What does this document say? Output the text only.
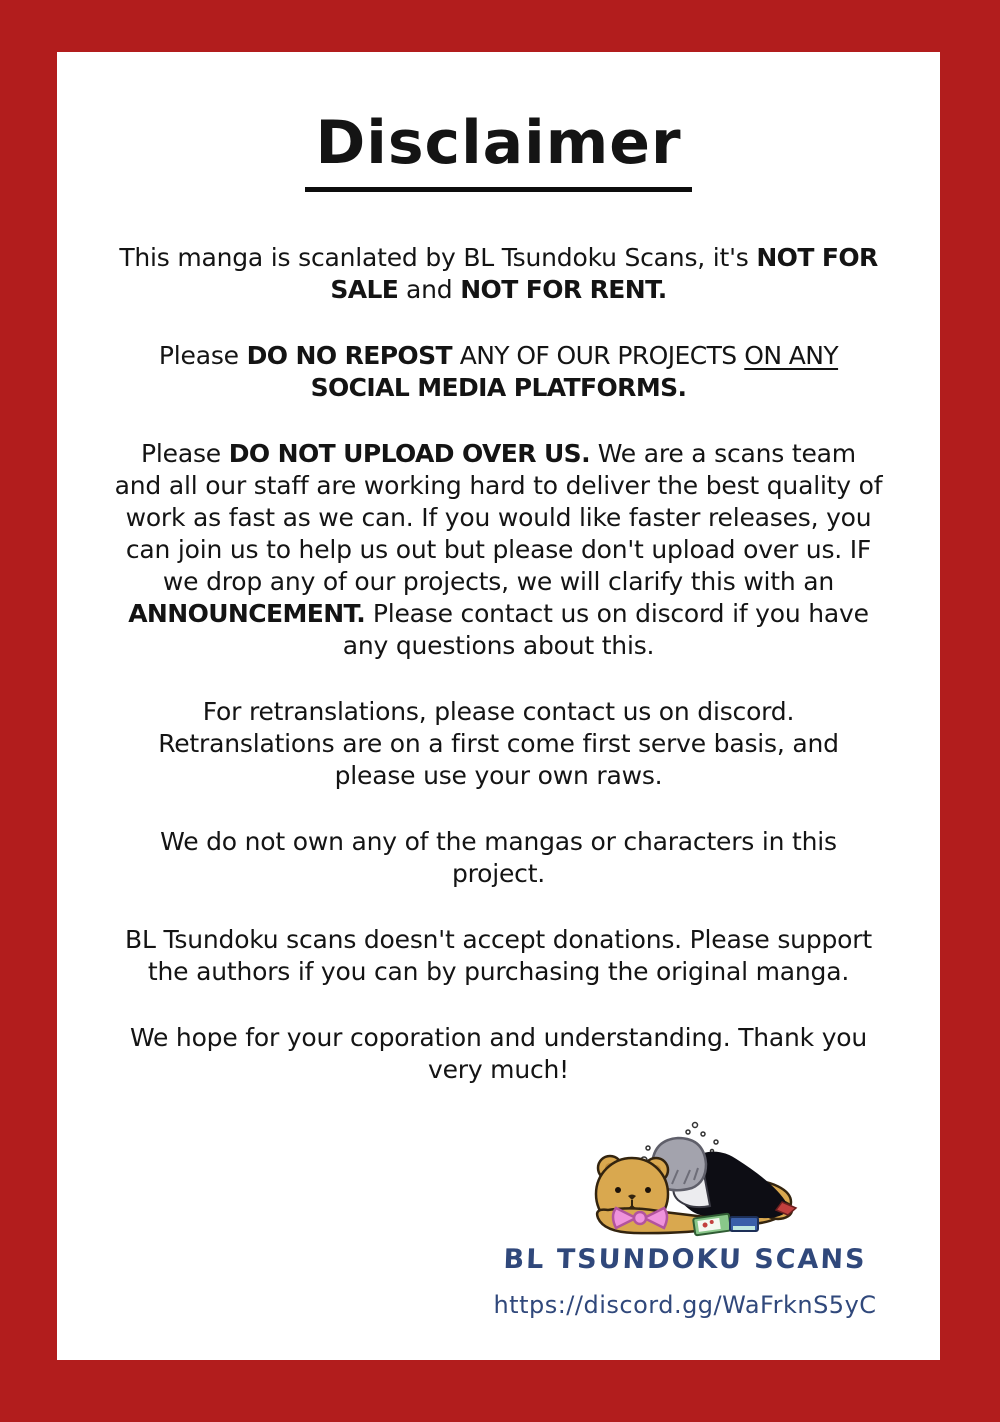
Disclaimer

This manga is scanlated by BL Tsundoku Scans, it's NOT FOR SALE and NOT FOR RENT.

Please DO NO REPOST ANY OF OUR PROJECTS ON ANY SOCIAL MEDIA PLATFORMS.

Please DO NOT UPLOAD OVER US. We are a scans team and all our staff are working hard to deliver the best quality of work as fast as we can. If you would like faster releases, you can join us to help us out but please don't upload over us. IF we drop any of our projects, we will clarify this with an ANNOUNCEMENT. Please contact us on discord if you have any questions about this.

For retranslations, please contact us on discord. Retranslations are on a first come first serve basis, and please use your own raws.

We do not own any of the mangas or characters in this project.

BL Tsundoku scans doesn't accept donations. Please support the authors if you can by purchasing the original manga.

We hope for your coporation and understanding. Thank you very much!

BL TSUNDOKU SCANS
https://discord.gg/WaFrknS5yC
